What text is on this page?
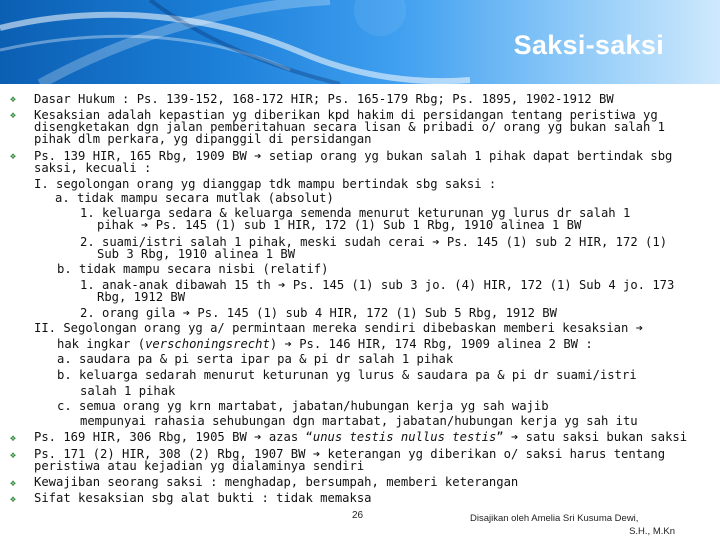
Saksi-saksi
❖
❖
❖
❖
❖
❖
❖
Dasar Hukum : Ps. 139-152, 168-172 HIR; Ps. 165-179 Rbg; Ps. 1895, 1902-1912 BW
Kesaksian adalah kepastian yg diberikan kpd hakim di persidangan tentang peristiwa yg
disengketakan dgn jalan pemberitahuan secara lisan & pribadi o/ orang yg bukan salah 1
pihak dlm perkara, yg dipanggil di persidangan
Ps. 139 HIR, 165 Rbg, 1909 BW ➔ setiap orang yg bukan salah 1 pihak dapat bertindak sbg
saksi, kecuali :
I. segolongan orang yg dianggap tdk mampu bertindak sbg saksi :
a. tidak mampu secara mutlak (absolut)
1. keluarga sedara & keluarga semenda menurut keturunan yg lurus dr salah 1
pihak ➔ Ps. 145 (1) sub 1 HIR, 172 (1) Sub 1 Rbg, 1910 alinea 1 BW
2. suami/istri salah 1 pihak, meski sudah cerai ➔ Ps. 145 (1) sub 2 HIR, 172 (1)
Sub 3 Rbg, 1910 alinea 1 BW
b. tidak mampu secara nisbi (relatif)
1. anak-anak dibawah 15 th ➔ Ps. 145 (1) sub 3 jo. (4) HIR, 172 (1) Sub 4 jo. 173
Rbg, 1912 BW
2. orang gila ➔ Ps. 145 (1) sub 4 HIR, 172 (1) Sub 5 Rbg, 1912 BW
II. Segolongan orang yg a/ permintaan mereka sendiri dibebaskan memberi kesaksian ➔
hak ingkar (verschoningsrecht) ➔ Ps. 146 HIR, 174 Rbg, 1909 alinea 2 BW :
a. saudara pa & pi serta ipar pa & pi dr salah 1 pihak
b. keluarga sedarah menurut keturunan yg lurus & saudara pa & pi dr suami/istri
salah 1 pihak
c. semua orang yg krn martabat, jabatan/hubungan kerja yg sah wajib
mempunyai rahasia sehubungan dgn martabat, jabatan/hubungan kerja yg sah itu
Ps. 169 HIR, 306 Rbg, 1905 BW ➔ azas “unus testis nullus testis” ➔ satu saksi bukan saksi
Ps. 171 (2) HIR, 308 (2) Rbg, 1907 BW ➔ keterangan yg diberikan o/ saksi harus tentang
peristiwa atau kejadian yg dialaminya sendiri
Kewajiban seorang saksi : menghadap, bersumpah, memberi keterangan
Sifat kesaksian sbg alat bukti : tidak memaksa
26	Disajikan oleh Amelia Sri Kusuma Dewi,
S.H., M.Kn
